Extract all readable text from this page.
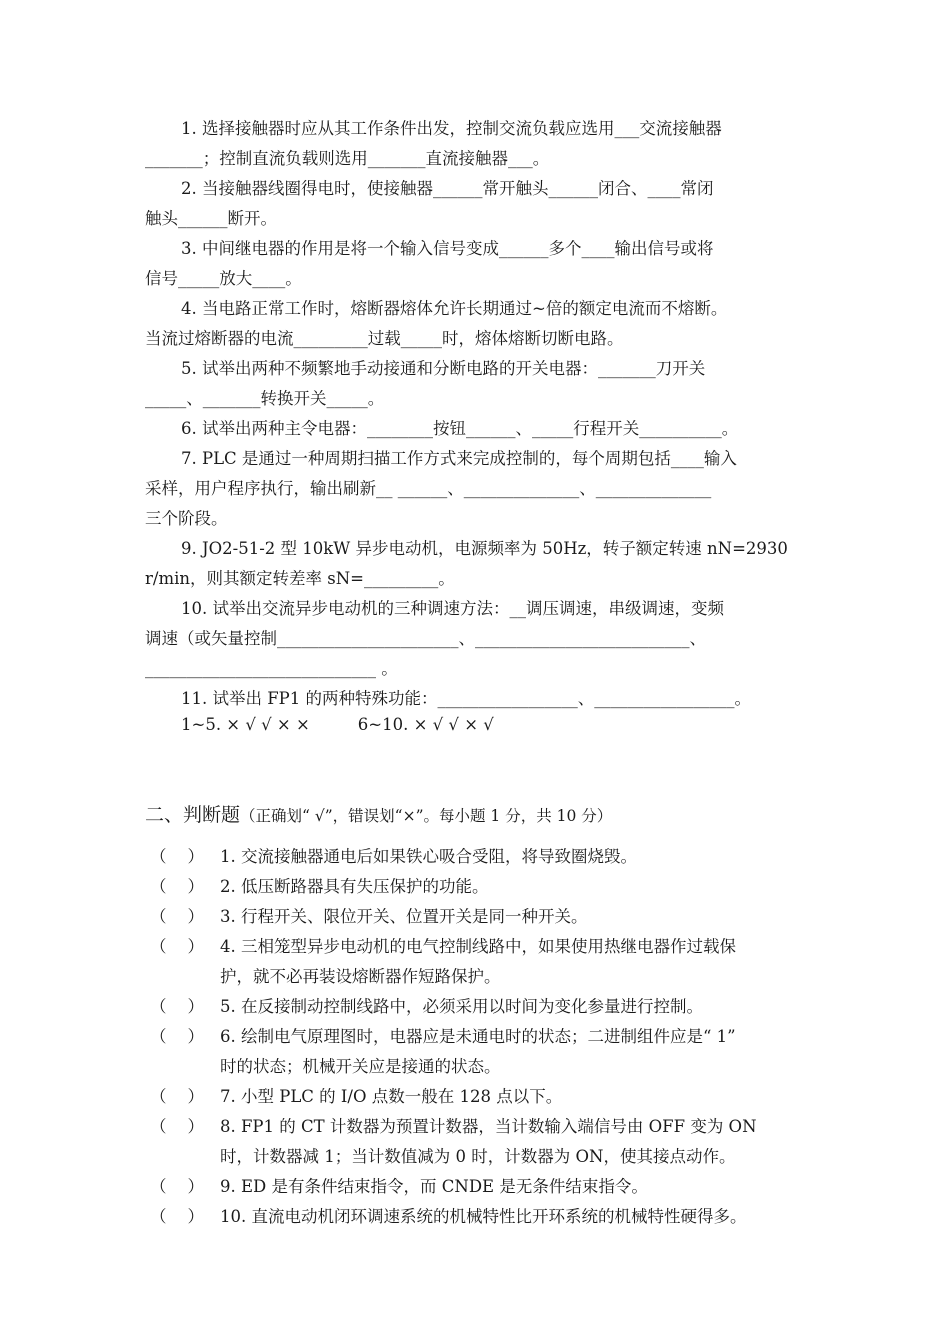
1. 选择接触器时应从其工作条件出发，控制交流负载应选用___交流接触器
_______；控制直流负载则选用_______直流接触器___。

2. 当接触器线圈得电时，使接触器______常开触头______闭合、____常闭
触头______断开。

3. 中间继电器的作用是将一个输入信号变成______多个____输出信号或将
信号_____放大____。

4. 当电路正常工作时，熔断器熔体允许长期通过~倍的额定电流而不熔断。
当流过熔断器的电流_________过载_____时，熔体熔断切断电路。

5. 试举出两种不频繁地手动接通和分断电路的开关电器：_______刀开关
_____、_______转换开关_____。

6. 试举出两种主令电器：________按钮______、_____行程开关__________。

7. PLC 是通过一种周期扫描工作方式来完成控制的，每个周期包括____输入
采样，用户程序执行，输出刷新__ ______、______________、______________
三个阶段。

9. JO2-51-2 型 10kW 异步电动机，电源频率为 50Hz，转子额定转速 nN=2930
r/min，则其额定转差率 sN=_________。

10. 试举出交流异步电动机的三种调速方法：__调压调速，串级调速，变频
调速（或矢量控制______________________、__________________________、
____________________________ 。

11. 试举出 FP1 的两种特殊功能：_________________、_________________。

1~5. × √ √ × ×	6~10. × √ √ × √
二、判断题（正确划“ √”，错误划“×”。每小题 1 分，共 10 分）
（    ） 1. 交流接触器通电后如果铁心吸合受阻，将导致圈烧毁。
（    ） 2. 低压断路器具有失压保护的功能。
（    ） 3. 行程开关、限位开关、位置开关是同一种开关。
（    ） 4. 三相笼型异步电动机的电气控制线路中，如果使用热继电器作过载保
护，就不必再装设熔断器作短路保护。
（    ） 5. 在反接制动控制线路中，必须采用以时间为变化参量进行控制。
（    ） 6. 绘制电气原理图时，电器应是未通电时的状态；二进制组件应是“ 1”
时的状态；机械开关应是接通的状态。
（    ） 7. 小型 PLC 的 I/O 点数一般在 128 点以下。
（    ） 8. FP1 的 CT 计数器为预置计数器，当计数输入端信号由 OFF 变为 ON
时，计数器减 1；当计数值减为 0 时，计数器为 ON，使其接点动作。
（    ） 9. ED 是有条件结束指令，而 CNDE 是无条件结束指令。
（    ） 10. 直流电动机闭环调速系统的机械特性比开环系统的机械特性硬得多。
